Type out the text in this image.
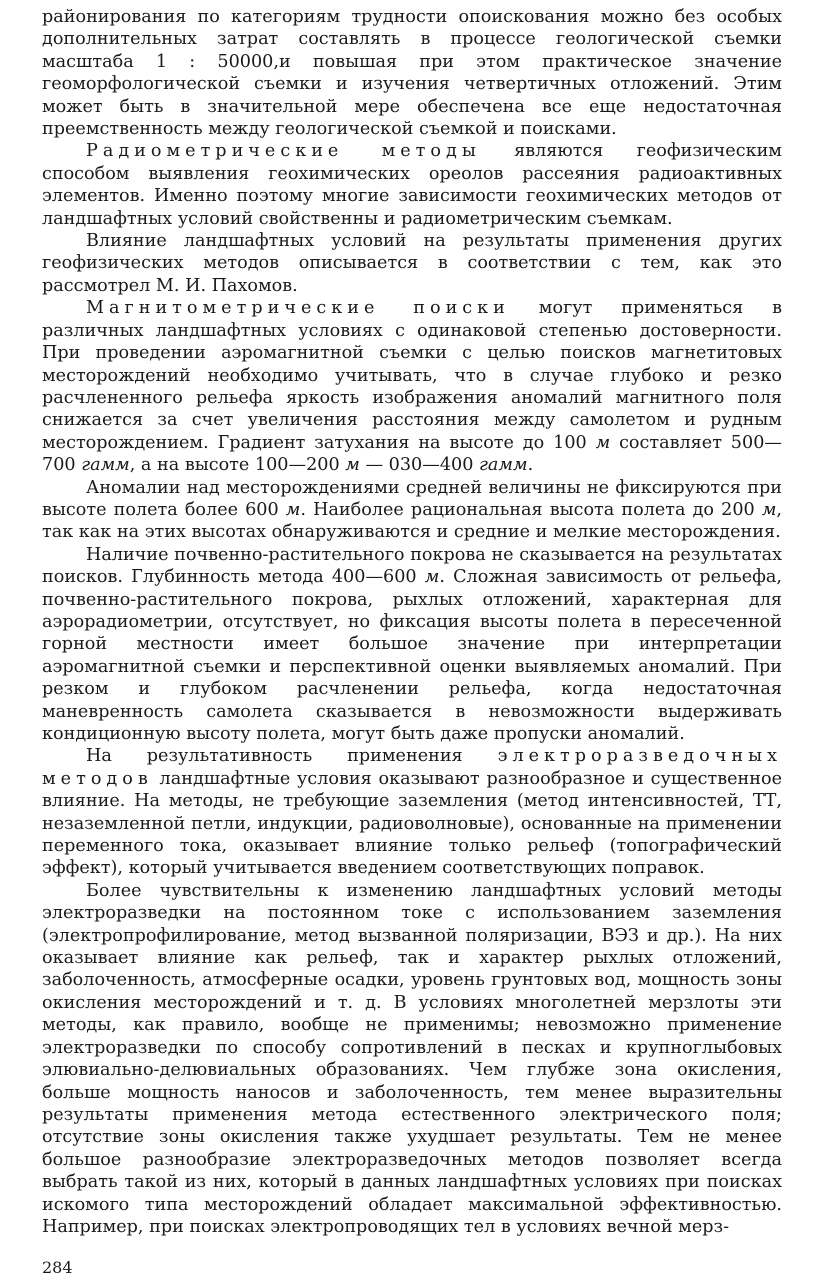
районирования по категориям трудности опоискования можно без особых дополнительных затрат составлять в процессе геологической съемки масштаба 1 : 50000,и повышая при этом практическое значение геоморфологической съемки и изучения четвертичных отложений. Этим может быть в значительной мере обеспечена все еще недостаточная преемственность между геологической съемкой и поисками.

Радиометрические методы являются геофизическим способом выявления геохимических ореолов рассеяния радиоактивных элементов. Именно поэтому многие зависимости геохимических методов от ландшафтных условий свойственны и радиометрическим съемкам.

Влияние ландшафтных условий на результаты применения других геофизических методов описывается в соответствии с тем, как это рассмотрел М. И. Пахомов.

Магнитометрические поиски могут применяться в различных ландшафтных условиях с одинаковой степенью достоверности. При проведении аэромагнитной съемки с целью поисков магнетитовых месторождений необходимо учитывать, что в случае глубоко и резко расчлененного рельефа яркость изображения аномалий магнитного поля снижается за счет увеличения расстояния между самолетом и рудным месторождением. Градиент затухания на высоте до 100 м составляет 500—700 гамм, а на высоте 100—200 м — 030—400 гамм.

Аномалии над месторождениями средней величины не фиксируются при высоте полета более 600 м. Наиболее рациональная высота полета до 200 м, так как на этих высотах обнаруживаются и средние и мелкие месторождения.

Наличие почвенно-растительного покрова не сказывается на результатах поисков. Глубинность метода 400—600 м. Сложная зависимость от рельефа, почвенно-растительного покрова, рыхлых отложений, характерная для аэрорадиометрии, отсутствует, но фиксация высоты полета в пересеченной горной местности имеет большое значение при интерпретации аэромагнитной съемки и перспективной оценки выявляемых аномалий. При резком и глубоком расчленении рельефа, когда недостаточная маневренность самолета сказывается в невозможности выдерживать кондиционную высоту полета, могут быть даже пропуски аномалий.

На результативность применения электроразведочных методов ландшафтные условия оказывают разнообразное и существенное влияние. На методы, не требующие заземления (метод интенсивностей, ТТ, незаземленной петли, индукции, радиоволновые), основанные на применении переменного тока, оказывает влияние только рельеф (топографический эффект), который учитывается введением соответствующих поправок.

Более чувствительны к изменению ландшафтных условий методы электроразведки на постоянном токе с использованием заземления (электропрофилирование, метод вызванной поляризации, ВЭЗ и др.). На них оказывает влияние как рельеф, так и характер рыхлых отложений, заболоченность, атмосферные осадки, уровень грунтовых вод, мощность зоны окисления месторождений и т. д. В условиях многолетней мерзлоты эти методы, как правило, вообще не применимы; невозможно применение электроразведки по способу сопротивлений в песках и крупноглыбовых элювиально-делювиальных образованиях. Чем глубже зона окисления, больше мощность наносов и заболоченность, тем менее выразительны результаты применения метода естественного электрического поля; отсутствие зоны окисления также ухудшает результаты. Тем не менее большое разнообразие электроразведочных методов позволяет всегда выбрать такой из них, который в данных ландшафтных условиях при поисках искомого типа месторождений обладает максимальной эффективностью. Например, при поисках электропроводящих тел в условиях вечной мерз-

284
